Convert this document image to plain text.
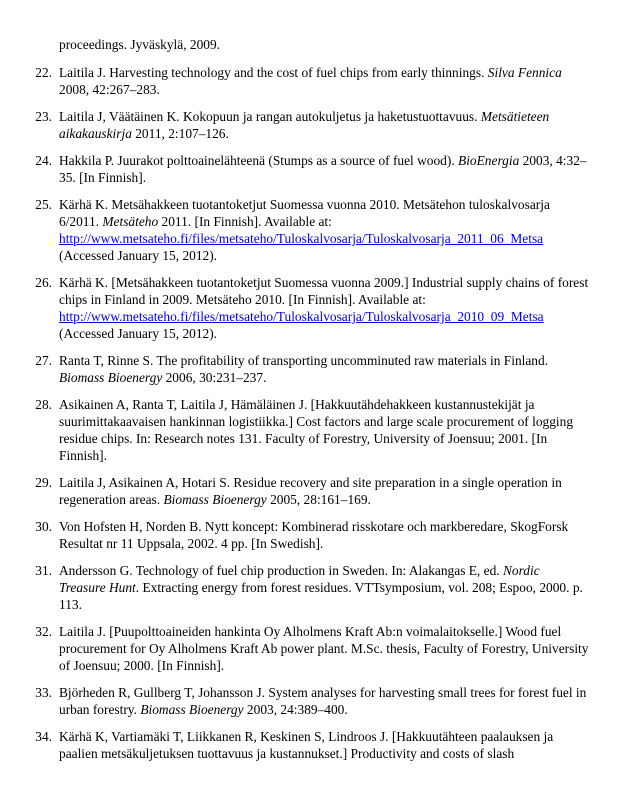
proceedings. Jyväskylä, 2009.

22. Laitila J. Harvesting technology and the cost of fuel chips from early thinnings. Silva Fennica 2008, 42:267–283.
23. Laitila J, Väätäinen K. Kokopuun ja rangan autokuljetus ja haketustuottavuus. Metsätieteen aikakauskirja 2011, 2:107–126.
24. Hakkila P. Juurakot polttoainelähteenä (Stumps as a source of fuel wood). BioEnergia 2003, 4:32–35. [In Finnish].
25. Kärhä K. Metsähakkeen tuotantoketjut Suomessa vuonna 2010. Metsätehon tuloskalvosarja 6/2011. Metsäteho 2011. [In Finnish]. Available at:
http://www.metsateho.fi/files/metsateho/Tuloskalvosarja/Tuloskalvosarja_2011_06_Metsa
(Accessed January 15, 2012).
26. Kärhä K. [Metsähakkeen tuotantoketjut Suomessa vuonna 2009.] Industrial supply chains of forest chips in Finland in 2009. Metsäteho 2010. [In Finnish]. Available at:
http://www.metsateho.fi/files/metsateho/Tuloskalvosarja/Tuloskalvosarja_2010_09_Metsa
(Accessed January 15, 2012).
27. Ranta T, Rinne S. The profitability of transporting uncomminuted raw materials in Finland. Biomass Bioenergy 2006, 30:231–237.
28. Asikainen A, Ranta T, Laitila J, Hämäläinen J. [Hakkuutähdehakkeen kustannustekijät ja suurimittakaavaisen hankinnan logistiikka.] Cost factors and large scale procurement of logging residue chips. In: Research notes 131. Faculty of Forestry, University of Joensuu; 2001. [In Finnish].
29. Laitila J, Asikainen A, Hotari S. Residue recovery and site preparation in a single operation in regeneration areas. Biomass Bioenergy 2005, 28:161–169.
30. Von Hofsten H, Norden B. Nytt koncept: Kombinerad risskotare och markberedare, SkogForsk Resultat nr 11 Uppsala, 2002. 4 pp. [In Swedish].
31. Andersson G. Technology of fuel chip production in Sweden. In: Alakangas E, ed. Nordic Treasure Hunt. Extracting energy from forest residues. VTTsymposium, vol. 208; Espoo, 2000. p. 113.
32. Laitila J. [Puupolttoaineiden hankinta Oy Alholmens Kraft Ab:n voimalaitokselle.] Wood fuel procurement for Oy Alholmens Kraft Ab power plant. M.Sc. thesis, Faculty of Forestry, University of Joensuu; 2000. [In Finnish].
33. Björheden R, Gullberg T, Johansson J. System analyses for harvesting small trees for forest fuel in urban forestry. Biomass Bioenergy 2003, 24:389–400.
34. Kärhä K, Vartiamäki T, Liikkanen R, Keskinen S, Lindroos J. [Hakkuutähteen paalauksen ja paalien metsäkuljetuksen tuottavuus ja kustannukset.] Productivity and costs of slash
